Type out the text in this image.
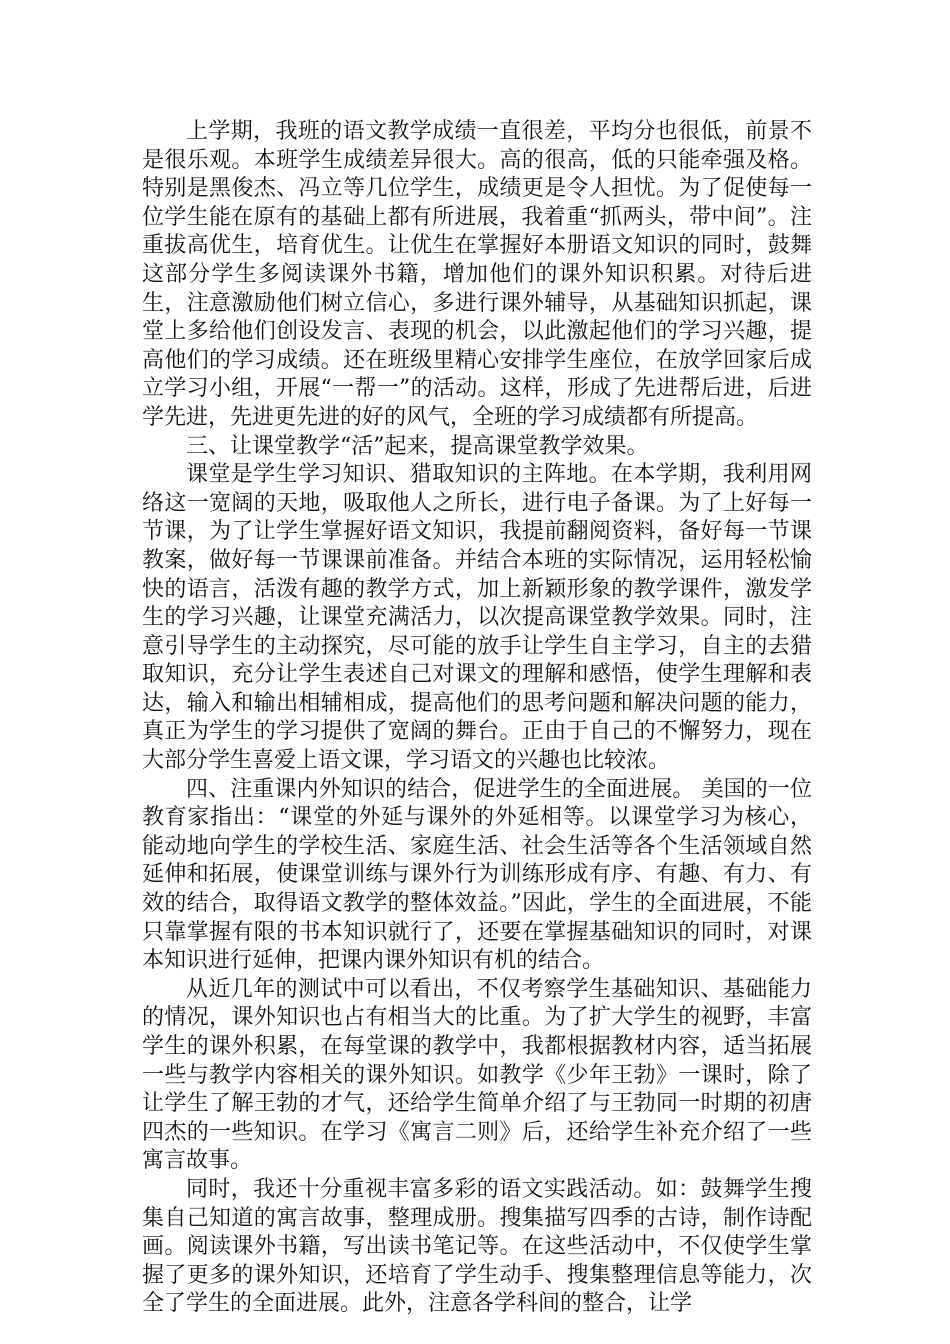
上学期，我班的语文教学成绩一直很差，平均分也很低，前景不是很乐观。本班学生成绩差异很大。高的很高，低的只能牵强及格。特别是黑俊杰、冯立等几位学生，成绩更是令人担忧。为了促使每一位学生能在原有的基础上都有所进展，我着重“抓两头，带中间”。注重拔高优生，培育优生。让优生在掌握好本册语文知识的同时，鼓舞这部分学生多阅读课外书籍，增加他们的课外知识积累。对待后进生，注意激励他们树立信心，多进行课外辅导，从基础知识抓起，课堂上多给他们创设发言、表现的机会，以此激起他们的学习兴趣，提高他们的学习成绩。还在班级里精心安排学生座位，在放学回家后成立学习小组，开展“一帮一”的活动。这样，形成了先进帮后进，后进学先进，先进更先进的好的风气，全班的学习成绩都有所提高。

三、让课堂教学“活”起来，提高课堂教学效果。

课堂是学生学习知识、猎取知识的主阵地。在本学期，我利用网络这一宽阔的天地，吸取他人之所长，进行电子备课。为了上好每一节课，为了让学生掌握好语文知识，我提前翻阅资料，备好每一节课教案，做好每一节课课前准备。并结合本班的实际情况，运用轻松愉快的语言，活泼有趣的教学方式，加上新颖形象的教学课件，激发学生的学习兴趣，让课堂充满活力，以次提高课堂教学效果。同时，注意引导学生的主动探究，尽可能的放手让学生自主学习，自主的去猎取知识，充分让学生表述自己对课文的理解和感悟，使学生理解和表达，输入和输出相辅相成，提高他们的思考问题和解决问题的能力，真正为学生的学习提供了宽阔的舞台。正由于自己的不懈努力，现在大部分学生喜爱上语文课，学习语文的兴趣也比较浓。

四、注重课内外知识的结合，促进学生的全面进展。 美国的一位教育家指出：“课堂的外延与课外的外延相等。以课堂学习为核心，能动地向学生的学校生活、家庭生活、社会生活等各个生活领域自然延伸和拓展，使课堂训练与课外行为训练形成有序、有趣、有力、有效的结合，取得语文教学的整体效益。”因此，学生的全面进展，不能只靠掌握有限的书本知识就行了，还要在掌握基础知识的同时，对课本知识进行延伸，把课内课外知识有机的结合。

从近几年的测试中可以看出，不仅考察学生基础知识、基础能力的情况，课外知识也占有相当大的比重。为了扩大学生的视野，丰富学生的课外积累，在每堂课的教学中，我都根据教材内容，适当拓展一些与教学内容相关的课外知识。如教学《少年王勃》一课时，除了让学生了解王勃的才气，还给学生简单介绍了与王勃同一时期的初唐四杰的一些知识。在学习《寓言二则》后，还给学生补充介绍了一些寓言故事。

同时，我还十分重视丰富多彩的语文实践活动。如：鼓舞学生搜集自己知道的寓言故事，整理成册。搜集描写四季的古诗，制作诗配画。阅读课外书籍，写出读书笔记等。在这些活动中，不仅使学生掌握了更多的课外知识，还培育了学生动手、搜集整理信息等能力，次全了学生的全面进展。此外，注意各学科间的整合，让学
